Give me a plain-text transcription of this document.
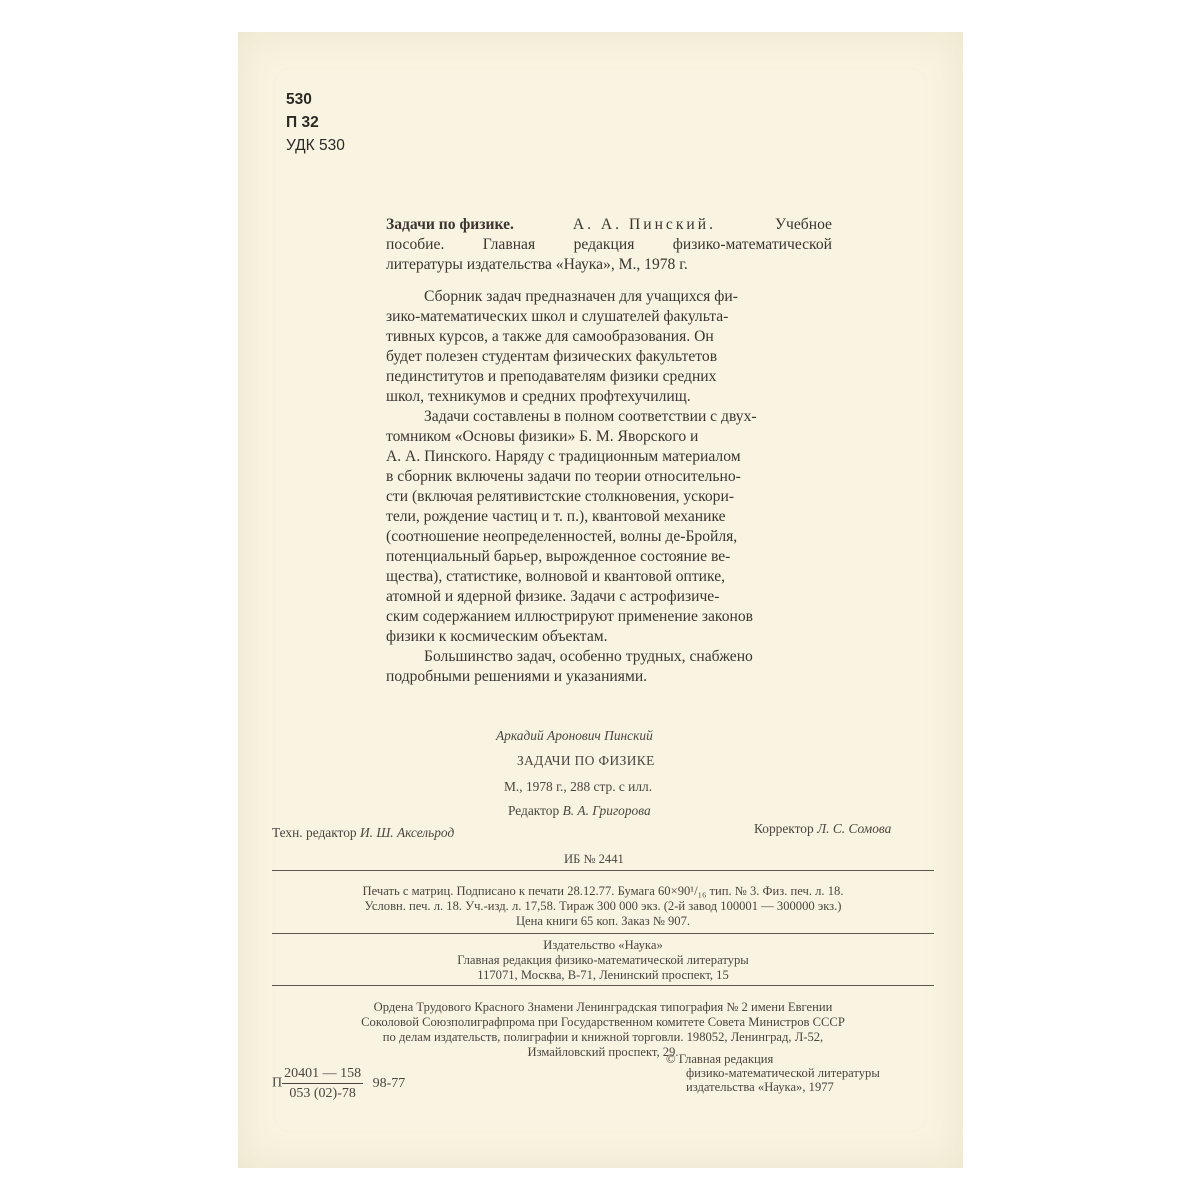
530
П 32
УДК 530
Задачи по физике.	А. А. Пинский.	Учебное
пособие. Главная редакция физико-математической
литературы издательства «Наука», М., 1978 г.
Сборник задач предназначен для учащихся фи-
зико-математических школ и слушателей факульта-
тивных курсов, а также для самообразования. Он
будет полезен студентам физических факультетов
пединститутов и преподавателям физики средних
школ, техникумов и средних профтехучилищ.
Задачи составлены в полном соответствии с двух-
томником «Основы физики» Б. М. Яворского и
А. А. Пинского. Наряду с традиционным материалом
в сборник включены задачи по теории относительно-
сти (включая релятивистские столкновения, ускори-
тели, рождение частиц и т. п.), квантовой механике
(соотношение неопределенностей, волны де-Бройля,
потенциальный барьер, вырожденное состояние ве-
щества), статистике, волновой и квантовой оптике,
атомной и ядерной физике. Задачи с астрофизиче-
ским содержанием иллюстрируют применение законов
физики к космическим объектам.
Большинство задач, особенно трудных, снабжено
подробными решениями и указаниями.
Аркадий Аронович Пинский
ЗАДАЧИ ПО ФИЗИКЕ
М., 1978 г., 288 стр. с илл.
Редактор В. А. Григорова
Техн. редактор И. Ш. Аксельрод	Корректор Л. С. Сомова
ИБ № 2441
Печать с матриц. Подписано к печати 28.12.77. Бумага 60×90¹/₁₆ тип. № 3. Физ. печ. л. 18.
Условн. печ. л. 18. Уч.-изд. л. 17,58. Тираж 300 000 экз. (2-й завод 100001 — 300000 экз.)
Цена книги 65 коп. Заказ № 907.
Издательство «Наука»
Главная редакция физико-математической литературы
117071, Москва, В-71, Ленинский проспект, 15
Ордена Трудового Красного Знамени Ленинградская типография № 2 имени Евгении
Соколовой Союзполиграфпрома при Государственном комитете Совета Министров СССР
по делам издательств, полиграфии и книжной торговли. 198052, Ленинград, Л-52,
Измайловский проспект, 29.
П $\frac{20401 — 158}{053 (02)-78} 98-77$
© Главная редакция
физико-математической литературы
издательства «Наука», 1977
